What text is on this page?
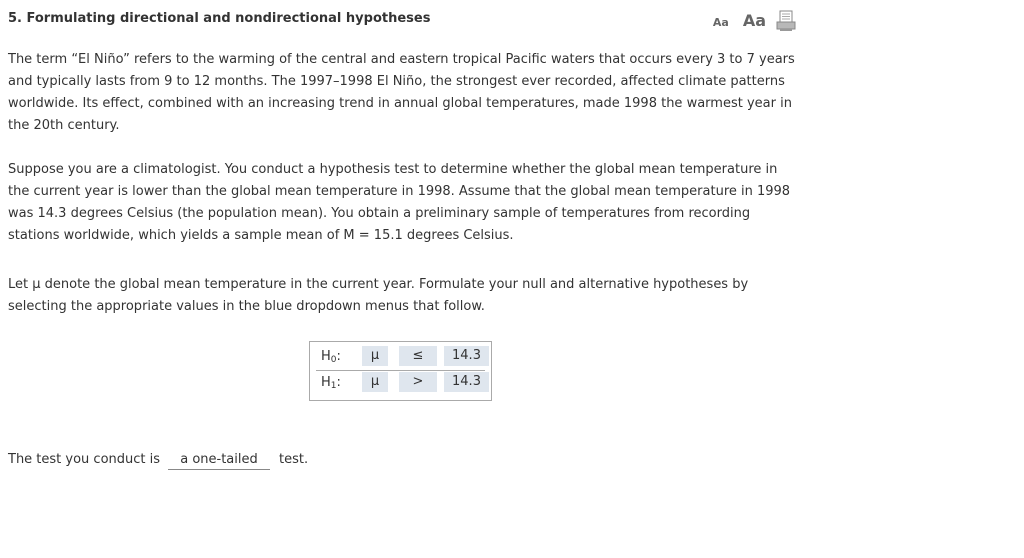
5. Formulating directional and nondirectional hypotheses	Aa Aa

The term “El Niño” refers to the warming of the central and eastern tropical Pacific waters that occurs every 3 to 7 years and typically lasts from 9 to 12 months. The 1997–1998 El Niño, the strongest ever recorded, affected climate patterns worldwide. Its effect, combined with an increasing trend in annual global temperatures, made 1998 the warmest year in the 20th century.

Suppose you are a climatologist. You conduct a hypothesis test to determine whether the global mean temperature in the current year is lower than the global mean temperature in 1998. Assume that the global mean temperature in 1998 was 14.3 degrees Celsius (the population mean). You obtain a preliminary sample of temperatures from recording stations worldwide, which yields a sample mean of M = 15.1 degrees Celsius.

Let μ denote the global mean temperature in the current year. Formulate your null and alternative hypotheses by selecting the appropriate values in the blue dropdown menus that follow.

$H_0$:	μ	≤	14.3
$H_1$:	μ	>	14.3
The test you conduct is	a one-tailed	test.
